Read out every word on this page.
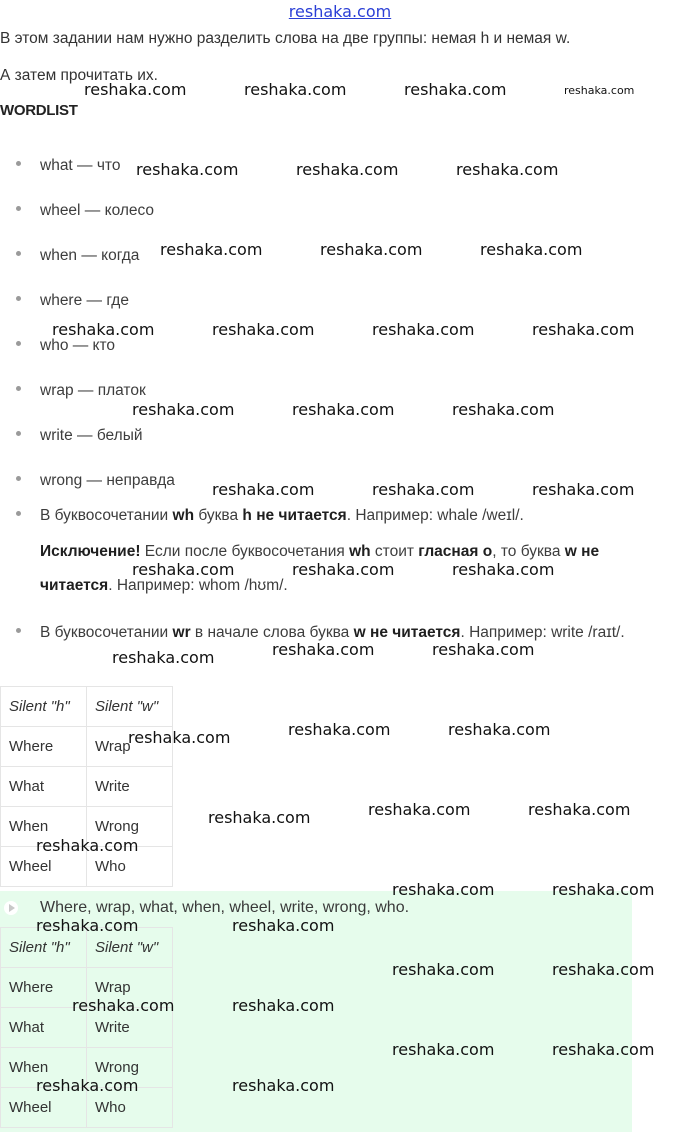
reshaka.com
В этом задании нам нужно разделить слова на две группы: немая h и немая w.
А затем прочитать их.
WORDLIST
what — что
wheel — колесо
when — когда
where — где
who — кто
wrap — платок
write — белый
wrong — неправда
В буквосочетании wh буква h не читается. Например: whale /weɪl/.
Исключение! Если после буквосочетания wh стоит гласная o, то буква w не читается. Например: whom /hʊm/.
В буквосочетании wr в начале слова буква w не читается. Например: write /raɪt/.
Silent "h"	Silent "w"
Where	Wrap
What	Write
When	Wrong
Wheel	Who
Where, wrap, what, when, wheel, write, wrong, who.
Silent "h"	Silent "w"
Where	Wrap
What	Write
When	Wrong
Wheel	Who
reshaka.com	reshaka.com	reshaka.com	reshaka.com
reshaka.com	reshaka.com	reshaka.com
reshaka.com	reshaka.com	reshaka.com
reshaka.com	reshaka.com	reshaka.com	reshaka.com
reshaka.com	reshaka.com	reshaka.com
reshaka.com	reshaka.com	reshaka.com
reshaka.com	reshaka.com	reshaka.com
reshaka.com	reshaka.com	reshaka.com
reshaka.com	reshaka.com	reshaka.com
reshaka.com	reshaka.com	reshaka.com
reshaka.com
reshaka.com	reshaka.com
reshaka.com	reshaka.com
reshaka.com	reshaka.com
reshaka.com	reshaka.com
reshaka.com	reshaka.com
reshaka.com	reshaka.com
